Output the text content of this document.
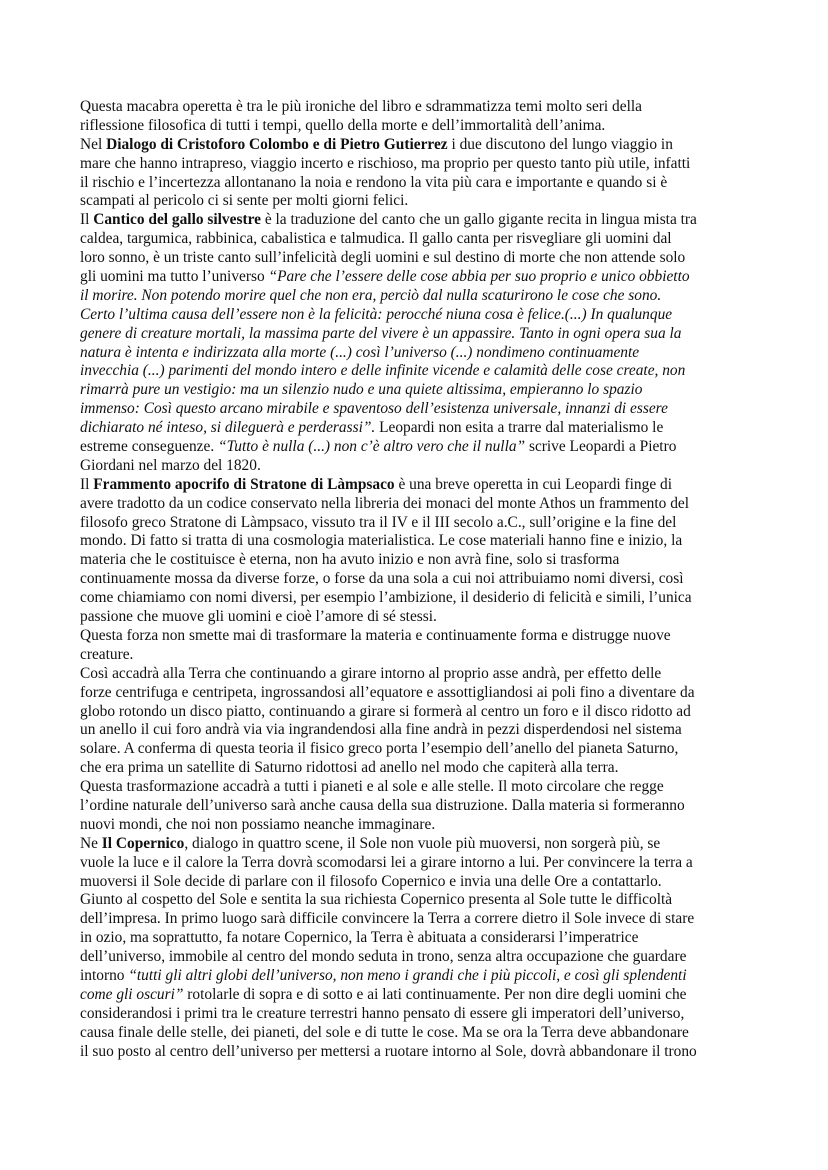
Questa macabra operetta è tra le più ironiche del libro e sdrammatizza temi molto seri della
riflessione filosofica di tutti i tempi, quello della morte e dell’immortalità dell’anima.
Nel Dialogo di Cristoforo Colombo e di Pietro Gutierrez i due discutono del lungo viaggio in
mare che hanno intrapreso, viaggio incerto e rischioso, ma proprio per questo tanto più utile, infatti
il rischio e l’incertezza allontanano la noia e rendono la vita più cara e importante e quando si è
scampati al pericolo ci si sente per molti giorni felici.
Il Cantico del gallo silvestre è la traduzione del canto che un gallo gigante recita in lingua mista tra
caldea, targumica, rabbinica, cabalistica e talmudica. Il gallo canta per risvegliare gli uomini dal
loro sonno, è un triste canto sull’infelicità degli uomini e sul destino di morte che non attende solo
gli uomini ma tutto l’universo “Pare che l’essere delle cose abbia per suo proprio e unico obbietto
il morire. Non potendo morire quel che non era, perciò dal nulla scaturirono le cose che sono.
Certo l’ultima causa dell’essere non è la felicità: perocché niuna cosa è felice.(...) In qualunque
genere di creature mortali, la massima parte del vivere è un appassire. Tanto in ogni opera sua la
natura è intenta e indirizzata alla morte (...) così l’universo (...) nondimeno continuamente
invecchia (...) parimenti del mondo intero e delle infinite vicende e calamità delle cose create, non
rimarrà pure un vestigio: ma un silenzio nudo e una quiete altissima, empieranno lo spazio
immenso: Così questo arcano mirabile e spaventoso dell’esistenza universale, innanzi di essere
dichiarato né inteso, si dileguerà e perderassi”. Leopardi non esita a trarre dal materialismo le
estreme conseguenze. “Tutto è nulla (...) non c’è altro vero che il nulla” scrive Leopardi a Pietro
Giordani nel marzo del 1820.
Il Frammento apocrifo di Stratone di Làmpsaco è una breve operetta in cui Leopardi finge di
avere tradotto da un codice conservato nella libreria dei monaci del monte Athos un frammento del
filosofo greco Stratone di Làmpsaco, vissuto tra il IV e il III secolo a.C., sull’origine e la fine del
mondo. Di fatto si tratta di una cosmologia materialistica. Le cose materiali hanno fine e inizio, la
materia che le costituisce è eterna, non ha avuto inizio e non avrà fine, solo si trasforma
continuamente mossa da diverse forze, o forse da una sola a cui noi attribuiamo nomi diversi, così
come chiamiamo con nomi diversi, per esempio l’ambizione, il desiderio di felicità e simili, l’unica
passione che muove gli uomini e cioè l’amore di sé stessi.
Questa forza non smette mai di trasformare la materia e continuamente forma e distrugge nuove
creature.
Così accadrà alla Terra che continuando a girare intorno al proprio asse andrà, per effetto delle
forze centrifuga e centripeta, ingrossandosi all’equatore e assottigliandosi ai poli fino a diventare da
globo rotondo un disco piatto, continuando a girare si formerà al centro un foro e il disco ridotto ad
un anello il cui foro andrà via via ingrandendosi alla fine andrà in pezzi disperdendosi nel sistema
solare. A conferma di questa teoria il fisico greco porta l’esempio dell’anello del pianeta Saturno,
che era prima un satellite di Saturno ridottosi ad anello nel modo che capiterà alla terra.
Questa trasformazione accadrà a tutti i pianeti e al sole e alle stelle. Il moto circolare che regge
l’ordine naturale dell’universo sarà anche causa della sua distruzione. Dalla materia si formeranno
nuovi mondi, che noi non possiamo neanche immaginare.
Ne Il Copernico, dialogo in quattro scene, il Sole non vuole più muoversi, non sorgerà più, se
vuole la luce e il calore la Terra dovrà scomodarsi lei a girare intorno a lui. Per convincere la terra a
muoversi il Sole decide di parlare con il filosofo Copernico e invia una delle Ore a contattarlo.
Giunto al cospetto del Sole e sentita la sua richiesta Copernico presenta al Sole tutte le difficoltà
dell’impresa. In primo luogo sarà difficile convincere la Terra a correre dietro il Sole invece di stare
in ozio, ma soprattutto, fa notare Copernico, la Terra è abituata a considerarsi l’imperatrice
dell’universo, immobile al centro del mondo seduta in trono, senza altra occupazione che guardare
intorno “tutti gli altri globi dell’universo, non meno i grandi che i più piccoli, e così gli splendenti
come gli oscuri” rotolarle di sopra e di sotto e ai lati continuamente. Per non dire degli uomini che
considerandosi i primi tra le creature terrestri hanno pensato di essere gli imperatori dell’universo,
causa finale delle stelle, dei pianeti, del sole e di tutte le cose. Ma se ora la Terra deve abbandonare
il suo posto al centro dell’universo per mettersi a ruotare intorno al Sole, dovrà abbandonare il trono
